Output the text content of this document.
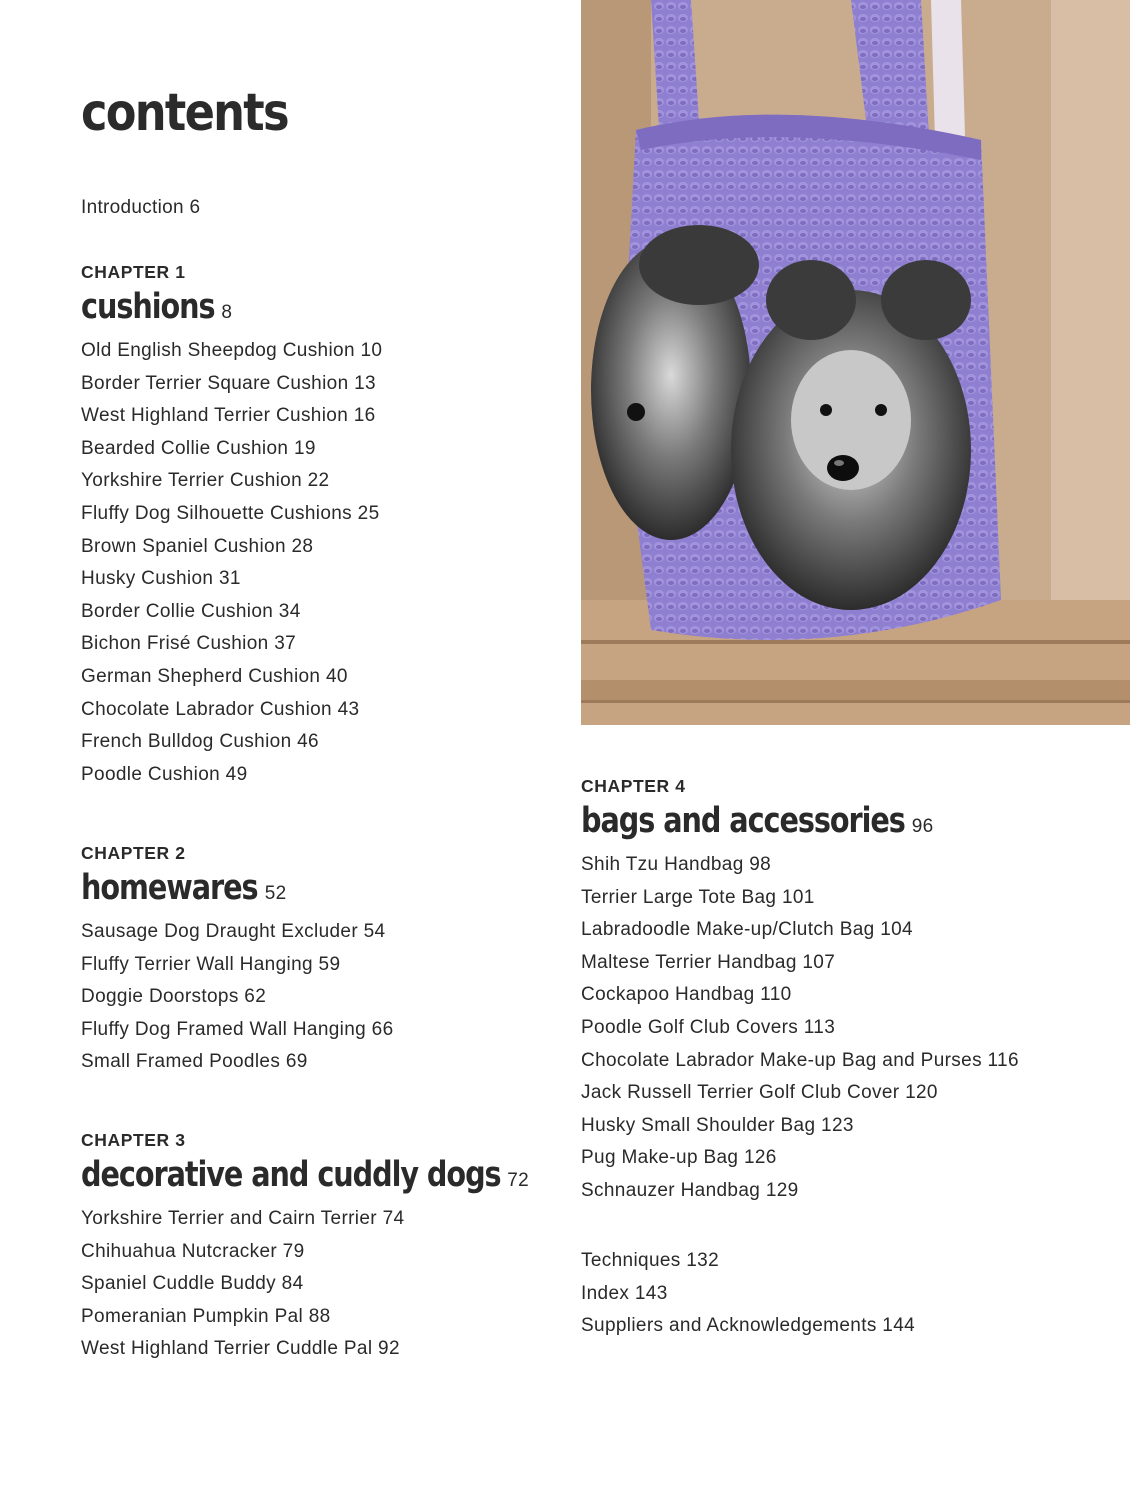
contents
Introduction 6
CHAPTER 1
cushions 8
Old English Sheepdog Cushion 10
Border Terrier Square Cushion 13
West Highland Terrier Cushion 16
Bearded Collie Cushion 19
Yorkshire Terrier Cushion 22
Fluffy Dog Silhouette Cushions 25
Brown Spaniel Cushion 28
Husky Cushion 31
Border Collie Cushion 34
Bichon Frisé Cushion 37
German Shepherd Cushion 40
Chocolate Labrador Cushion 43
French Bulldog Cushion 46
Poodle Cushion 49
CHAPTER 2
homewares 52
Sausage Dog Draught Excluder 54
Fluffy Terrier Wall Hanging 59
Doggie Doorstops 62
Fluffy Dog Framed Wall Hanging 66
Small Framed Poodles 69
CHAPTER 3
decorative and cuddly dogs 72
Yorkshire Terrier and Cairn Terrier 74
Chihuahua Nutcracker 79
Spaniel Cuddle Buddy 84
Pomeranian Pumpkin Pal 88
West Highland Terrier Cuddle Pal 92
CHAPTER 4
bags and accessories 96
Shih Tzu Handbag 98
Terrier Large Tote Bag 101
Labradoodle Make-up/Clutch Bag 104
Maltese Terrier Handbag 107
Cockapoo Handbag 110
Poodle Golf Club Covers 113
Chocolate Labrador Make-up Bag and Purses 116
Jack Russell Terrier Golf Club Cover 120
Husky Small Shoulder Bag 123
Pug Make-up Bag 126
Schnauzer Handbag 129
Techniques 132
Index 143
Suppliers and Acknowledgements 144
